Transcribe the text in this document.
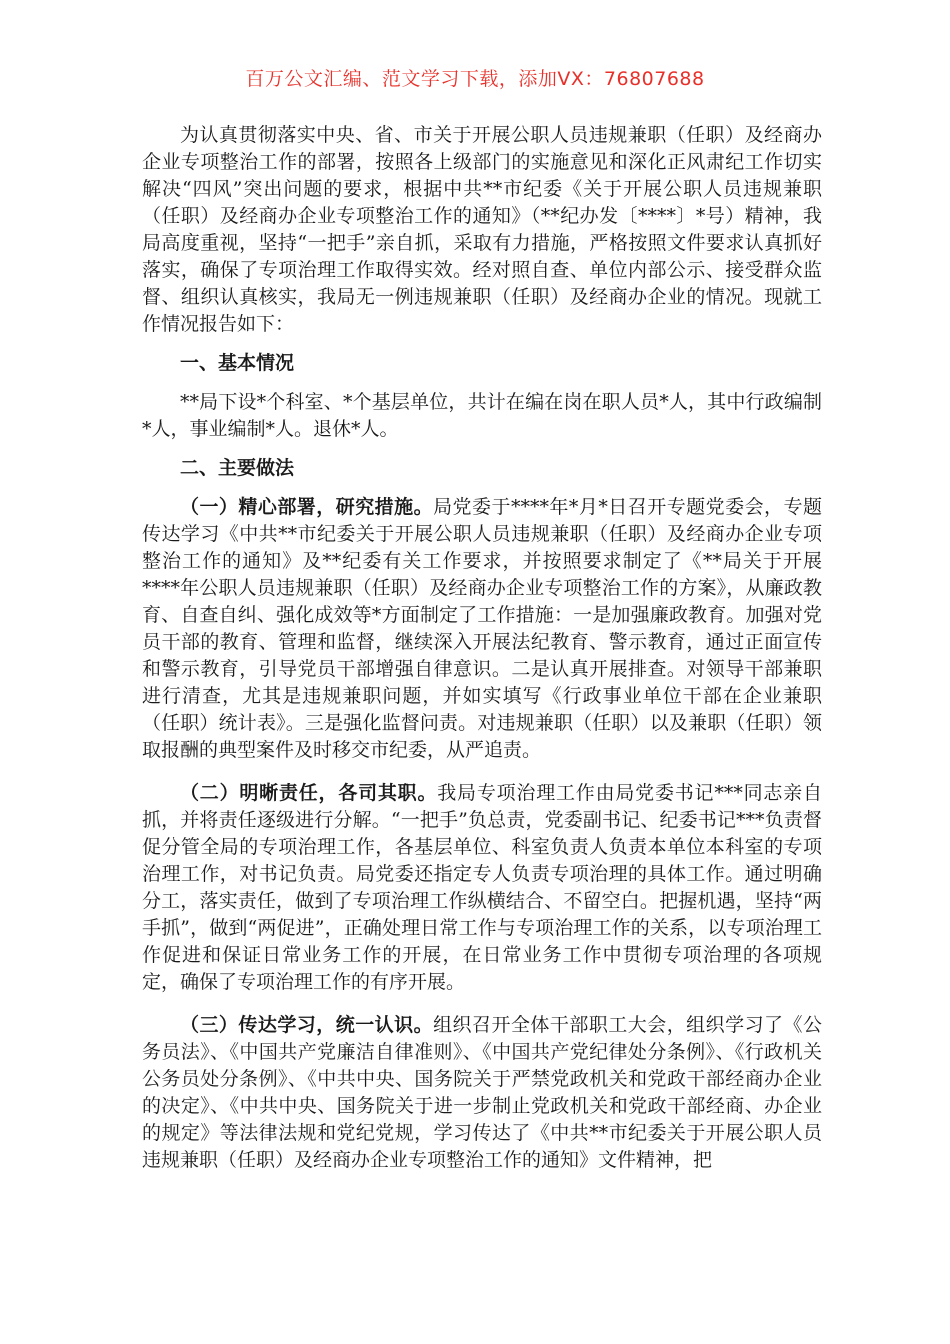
百万公文汇编、范文学习下载，添加VX：76807688

为认真贯彻落实中央、省、市关于开展公职人员违规兼职（任职）及经商办企业专项整治工作的部署，按照各上级部门的实施意见和深化正风肃纪工作切实解决“四风”突出问题的要求，根据中共**市纪委《关于开展公职人员违规兼职（任职）及经商办企业专项整治工作的通知》（**纪办发〔****〕*号）精神，我局高度重视，坚持“一把手”亲自抓，采取有力措施，严格按照文件要求认真抓好落实，确保了专项治理工作取得实效。经对照自查、单位内部公示、接受群众监督、组织认真核实，我局无一例违规兼职（任职）及经商办企业的情况。现就工作情况报告如下：

一、基本情况

**局下设*个科室、*个基层单位，共计在编在岗在职人员*人，其中行政编制*人，事业编制*人。退休*人。

二、主要做法

（一）精心部署，研究措施。局党委于****年*月*日召开专题党委会，专题传达学习《中共**市纪委关于开展公职人员违规兼职（任职）及经商办企业专项整治工作的通知》及**纪委有关工作要求，并按照要求制定了《**局关于开展****年公职人员违规兼职（任职）及经商办企业专项整治工作的方案》，从廉政教育、自查自纠、强化成效等*方面制定了工作措施：一是加强廉政教育。加强对党员干部的教育、管理和监督，继续深入开展法纪教育、警示教育，通过正面宣传和警示教育，引导党员干部增强自律意识。二是认真开展排查。对领导干部兼职进行清查，尤其是违规兼职问题，并如实填写《行政事业单位干部在企业兼职（任职）统计表》。三是强化监督问责。对违规兼职（任职）以及兼职（任职）领取报酬的典型案件及时移交市纪委，从严追责。

（二）明晰责任，各司其职。我局专项治理工作由局党委书记***同志亲自抓，并将责任逐级进行分解。“一把手”负总责，党委副书记、纪委书记***负责督促分管全局的专项治理工作，各基层单位、科室负责人负责本单位本科室的专项治理工作，对书记负责。局党委还指定专人负责专项治理的具体工作。通过明确分工，落实责任，做到了专项治理工作纵横结合、不留空白。把握机遇，坚持“两手抓”，做到“两促进”，正确处理日常工作与专项治理工作的关系，以专项治理工作促进和保证日常业务工作的开展，在日常业务工作中贯彻专项治理的各项规定，确保了专项治理工作的有序开展。

（三）传达学习，统一认识。组织召开全体干部职工大会，组织学习了《公务员法》、《中国共产党廉洁自律准则》、《中国共产党纪律处分条例》、《行政机关公务员处分条例》、《中共中央、国务院关于严禁党政机关和党政干部经商办企业的决定》、《中共中央、国务院关于进一步制止党政机关和党政干部经商、办企业的规定》等法律法规和党纪党规，学习传达了《中共**市纪委关于开展公职人员违规兼职（任职）及经商办企业专项整治工作的通知》文件精神，把
